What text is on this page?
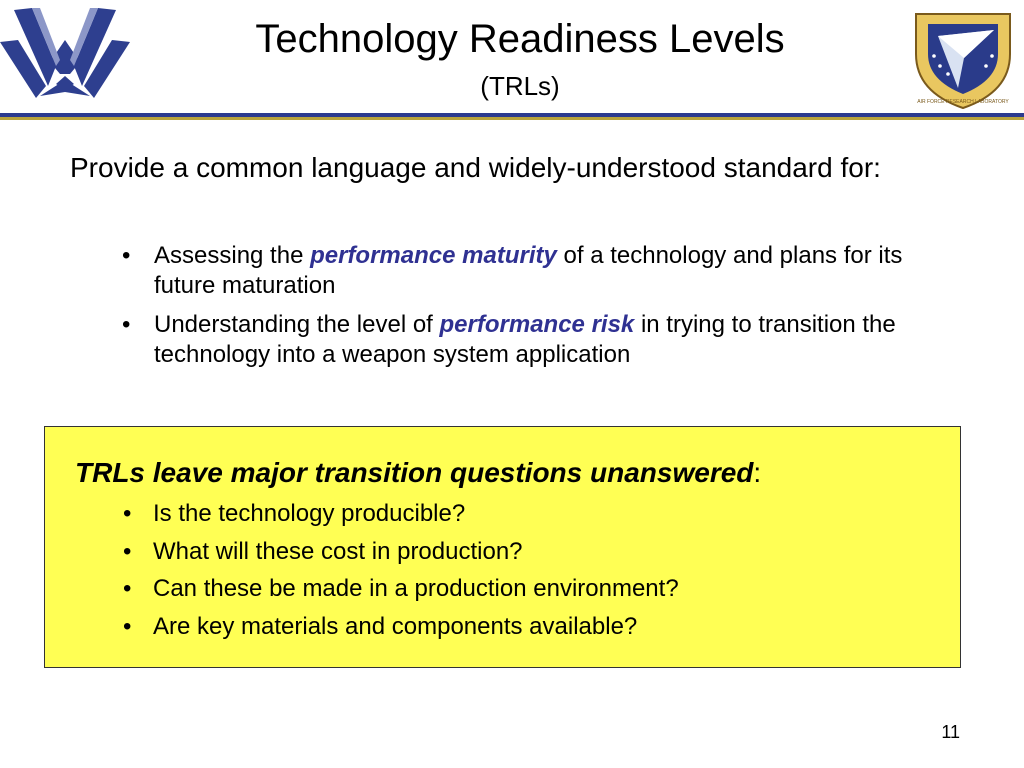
Technology Readiness Levels
(TRLs)
AIR FORCE RESEARCH LABORATORY
Provide a common language and widely-understood standard for:
• Assessing the performance maturity of a technology and plans for its future maturation
• Understanding the level of performance risk in trying to transition the technology into a weapon system application
TRLs leave major transition questions unanswered:
• Is the technology producible?
• What will these cost in production?
• Can these be made in a production environment?
• Are key materials and components available?
11
